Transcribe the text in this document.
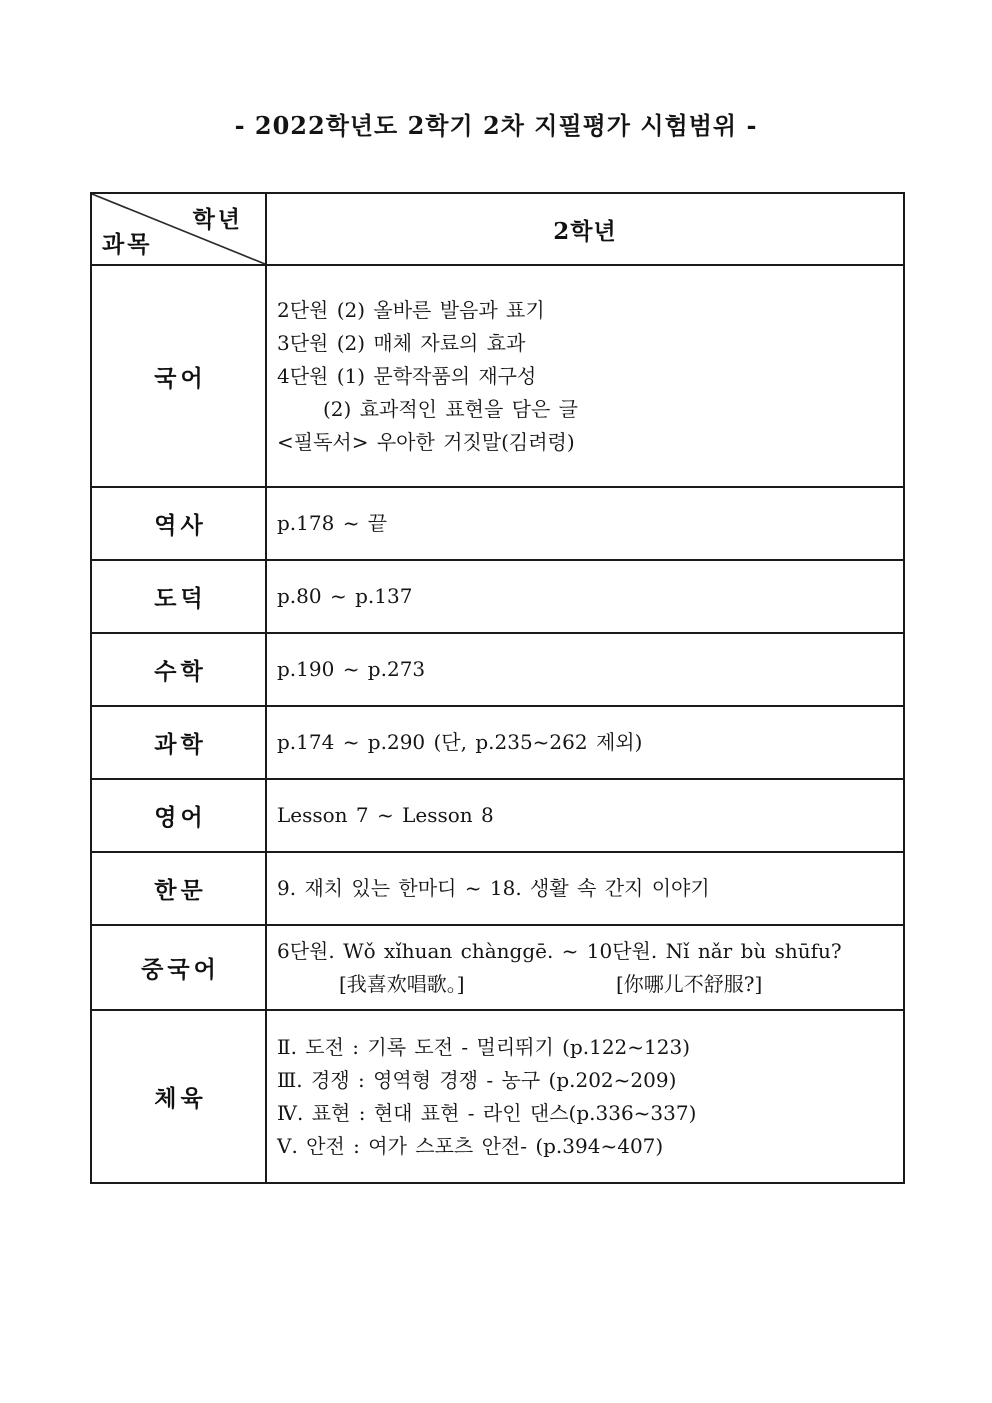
- 2022학년도 2학기 2차 지필평가 시험범위 -
학년
과목	2학년
국어	2단원 (2) 올바른 발음과 표기
3단원 (2) 매체 자료의 효과
4단원 (1) 문학작품의 재구성
(2) 효과적인 표현을 담은 글
<필독서> 우아한 거짓말(김려령)

역사	p.178 ~ 끝

도덕	p.80 ~ p.137

수학	p.190 ~ p.273

과학	p.174 ~ p.290 (단, p.235~262 제외)

영어	Lesson 7 ~ Lesson 8

한문	9. 재치 있는 한마디 ~ 18. 생활 속 간지 이야기

중국어	6단원. Wǒ xǐhuan chànggē. ~ 10단원. Nǐ nǎr bù shūfu?
[我喜欢唱歌。] [你哪儿不舒服?]

체육	Ⅱ. 도전 : 기록 도전 - 멀리뛰기 (p.122~123)
Ⅲ. 경쟁 : 영역형 경쟁 - 농구 (p.202~209)
Ⅳ. 표현 : 현대 표현 - 라인 댄스(p.336~337)
Ⅴ. 안전 : 여가 스포츠 안전- (p.394~407)
